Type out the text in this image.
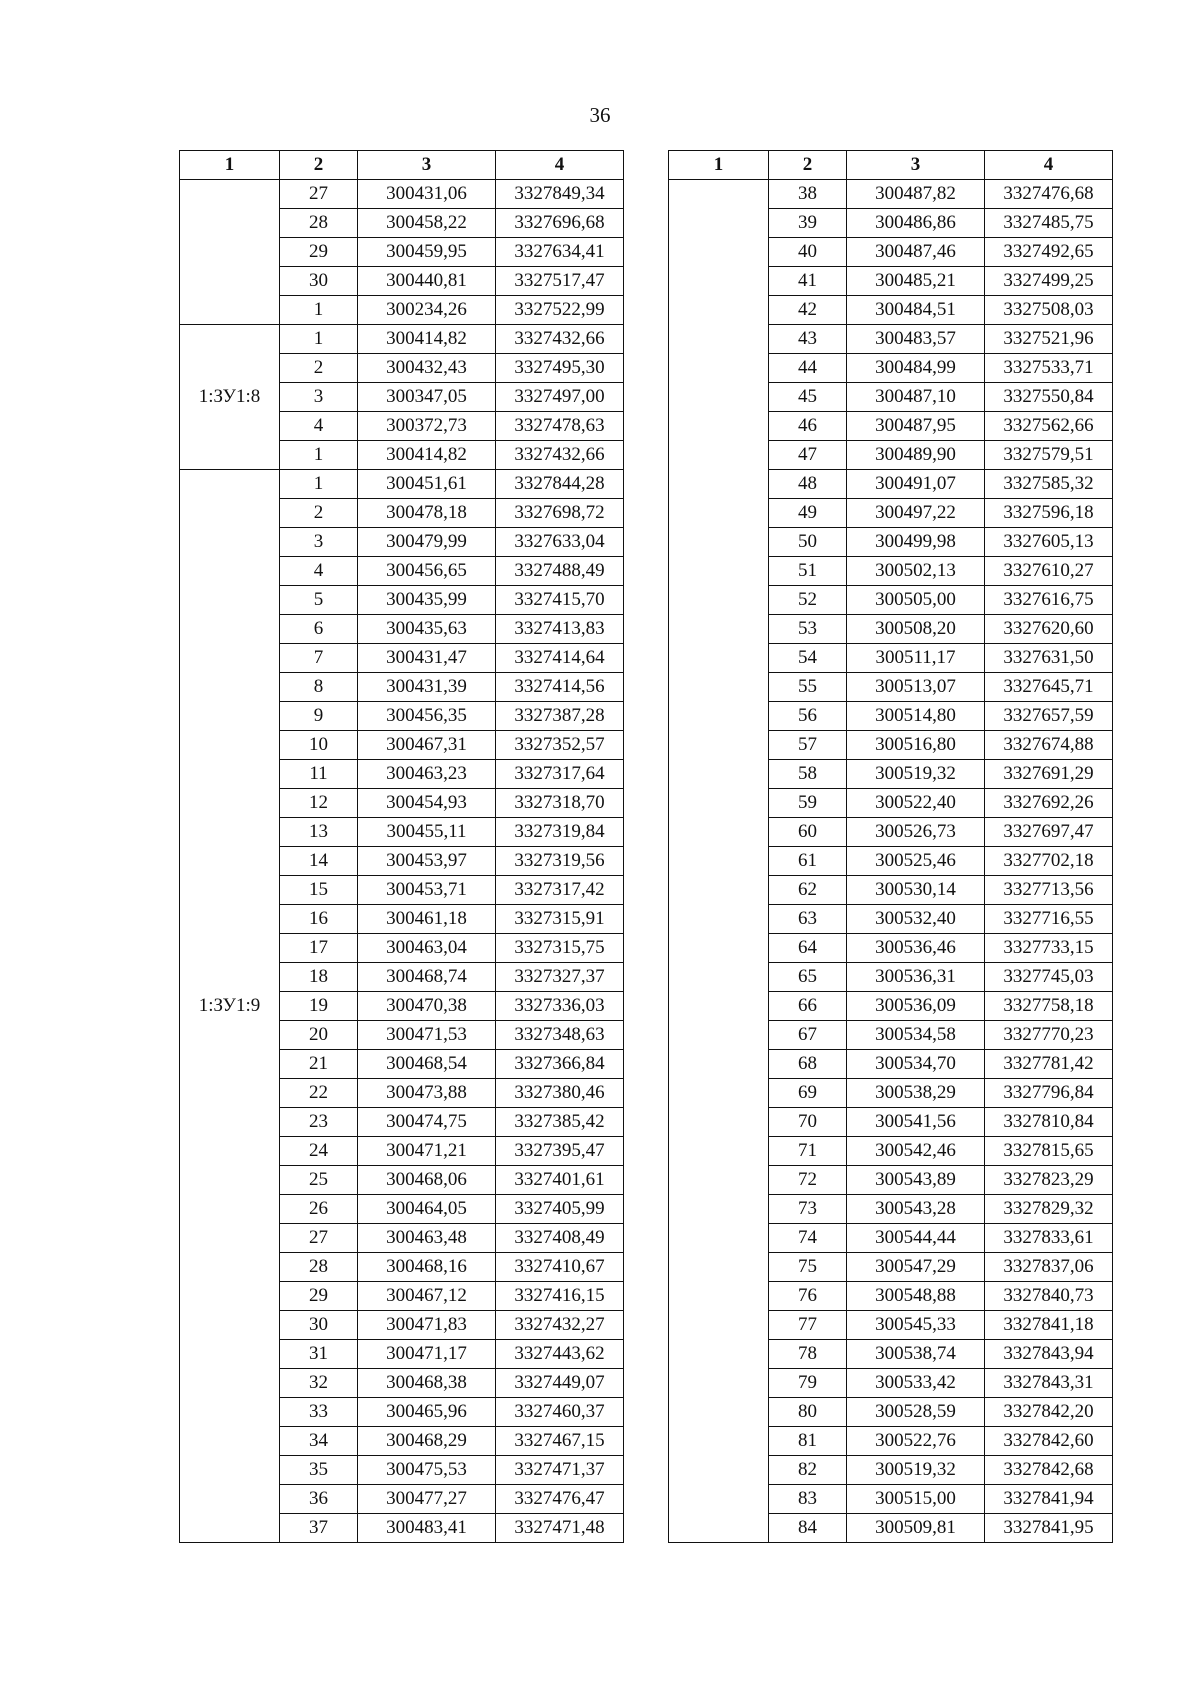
36
1	2	3	4
	27	300431,06	3327849,34
	28	300458,22	3327696,68
	29	300459,95	3327634,41
	30	300440,81	3327517,47
	1	300234,26	3327522,99
1:ЗУ1:8	1	300414,82	3327432,66
	2	300432,43	3327495,30
	3	300347,05	3327497,00
	4	300372,73	3327478,63
	1	300414,82	3327432,66
1:ЗУ1:9	1	300451,61	3327844,28
	2	300478,18	3327698,72
	3	300479,99	3327633,04
	4	300456,65	3327488,49
	5	300435,99	3327415,70
	6	300435,63	3327413,83
	7	300431,47	3327414,64
	8	300431,39	3327414,56
	9	300456,35	3327387,28
	10	300467,31	3327352,57
	11	300463,23	3327317,64
	12	300454,93	3327318,70
	13	300455,11	3327319,84
	14	300453,97	3327319,56
	15	300453,71	3327317,42
	16	300461,18	3327315,91
	17	300463,04	3327315,75
	18	300468,74	3327327,37
	19	300470,38	3327336,03
	20	300471,53	3327348,63
	21	300468,54	3327366,84
	22	300473,88	3327380,46
	23	300474,75	3327385,42
	24	300471,21	3327395,47
	25	300468,06	3327401,61
	26	300464,05	3327405,99
	27	300463,48	3327408,49
	28	300468,16	3327410,67
	29	300467,12	3327416,15
	30	300471,83	3327432,27
	31	300471,17	3327443,62
	32	300468,38	3327449,07
	33	300465,96	3327460,37
	34	300468,29	3327467,15
	35	300475,53	3327471,37
	36	300477,27	3327476,47
	37	300483,41	3327471,48
1	2	3	4
	38	300487,82	3327476,68
	39	300486,86	3327485,75
	40	300487,46	3327492,65
	41	300485,21	3327499,25
	42	300484,51	3327508,03
	43	300483,57	3327521,96
	44	300484,99	3327533,71
	45	300487,10	3327550,84
	46	300487,95	3327562,66
	47	300489,90	3327579,51
	48	300491,07	3327585,32
	49	300497,22	3327596,18
	50	300499,98	3327605,13
	51	300502,13	3327610,27
	52	300505,00	3327616,75
	53	300508,20	3327620,60
	54	300511,17	3327631,50
	55	300513,07	3327645,71
	56	300514,80	3327657,59
	57	300516,80	3327674,88
	58	300519,32	3327691,29
	59	300522,40	3327692,26
	60	300526,73	3327697,47
	61	300525,46	3327702,18
	62	300530,14	3327713,56
	63	300532,40	3327716,55
	64	300536,46	3327733,15
	65	300536,31	3327745,03
	66	300536,09	3327758,18
	67	300534,58	3327770,23
	68	300534,70	3327781,42
	69	300538,29	3327796,84
	70	300541,56	3327810,84
	71	300542,46	3327815,65
	72	300543,89	3327823,29
	73	300543,28	3327829,32
	74	300544,44	3327833,61
	75	300547,29	3327837,06
	76	300548,88	3327840,73
	77	300545,33	3327841,18
	78	300538,74	3327843,94
	79	300533,42	3327843,31
	80	300528,59	3327842,20
	81	300522,76	3327842,60
	82	300519,32	3327842,68
	83	300515,00	3327841,94
	84	300509,81	3327841,95
